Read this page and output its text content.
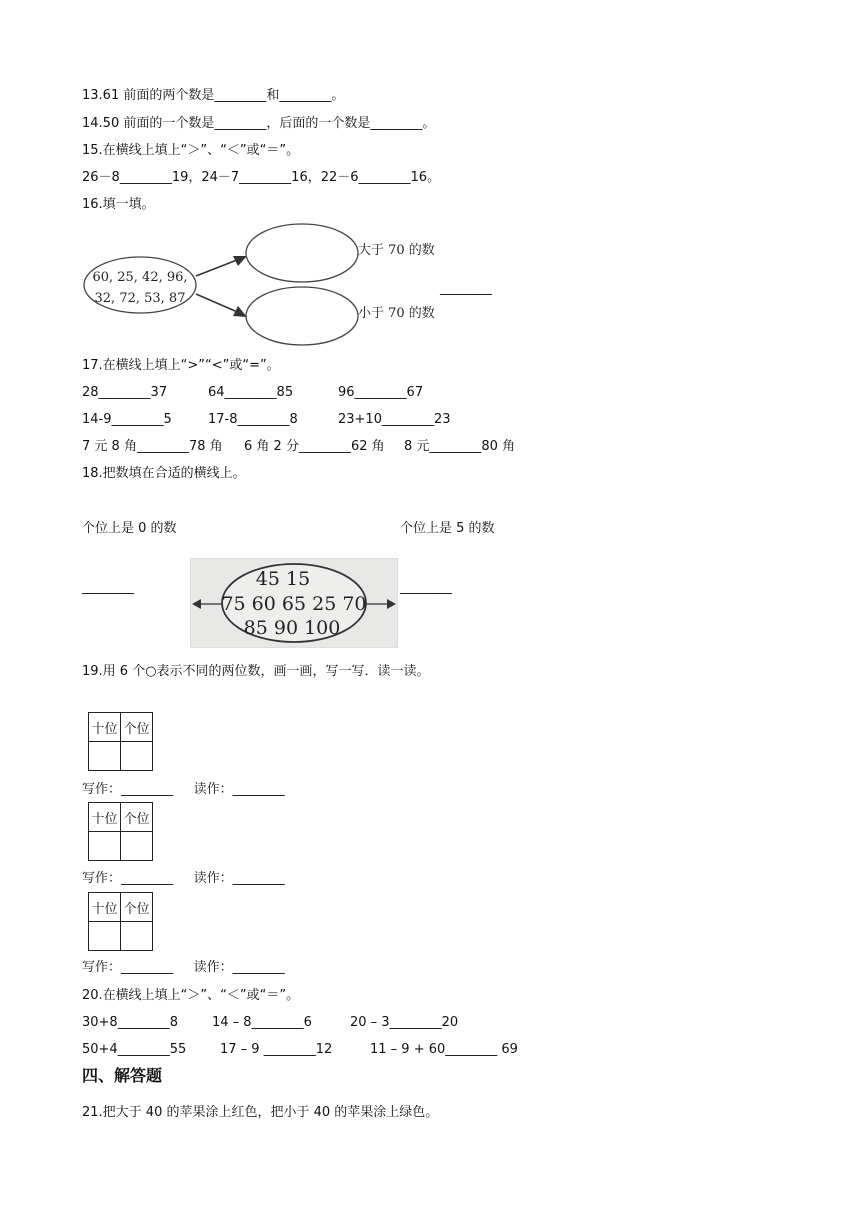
13.61 前面的两个数是________和________。
14.50 前面的一个数是________，后面的一个数是________。
15.在横线上填上“＞”、“＜”或“＝”。
26－8________19，24－7________16，22－6________16。
16.填一填。
60, 25, 42, 96,
32, 72, 53, 87
大于 70 的数
小于 70 的数
________
17.在横线上填上“>”“<”或“=”。
28________37	64________85	96________67
14-9________5	17-8________8	23+10________23
7 元 8 角________78 角 6 角 2 分________62 角 8 元________80 角
18.把数填在合适的横线上。
个位上是 0 的数	个位上是 5 的数
________	________
45 15
75 60 65 25 70
85 90 100
19.用 6 个○表示不同的两位数，画一画，写一写．读一读。
十位	个位

写作：________     读作：________
十位	个位

写作：________     读作：________
十位	个位

写作：________     读作：________
20.在横线上填上“＞”、“＜”或“＝”。
30+8________8	14 – 8________6	20 – 3________20
50+4________55	17 – 9 ________12	11 – 9 + 60________ 69
四、解答题
21.把大于 40 的苹果涂上红色，把小于 40 的苹果涂上绿色。
